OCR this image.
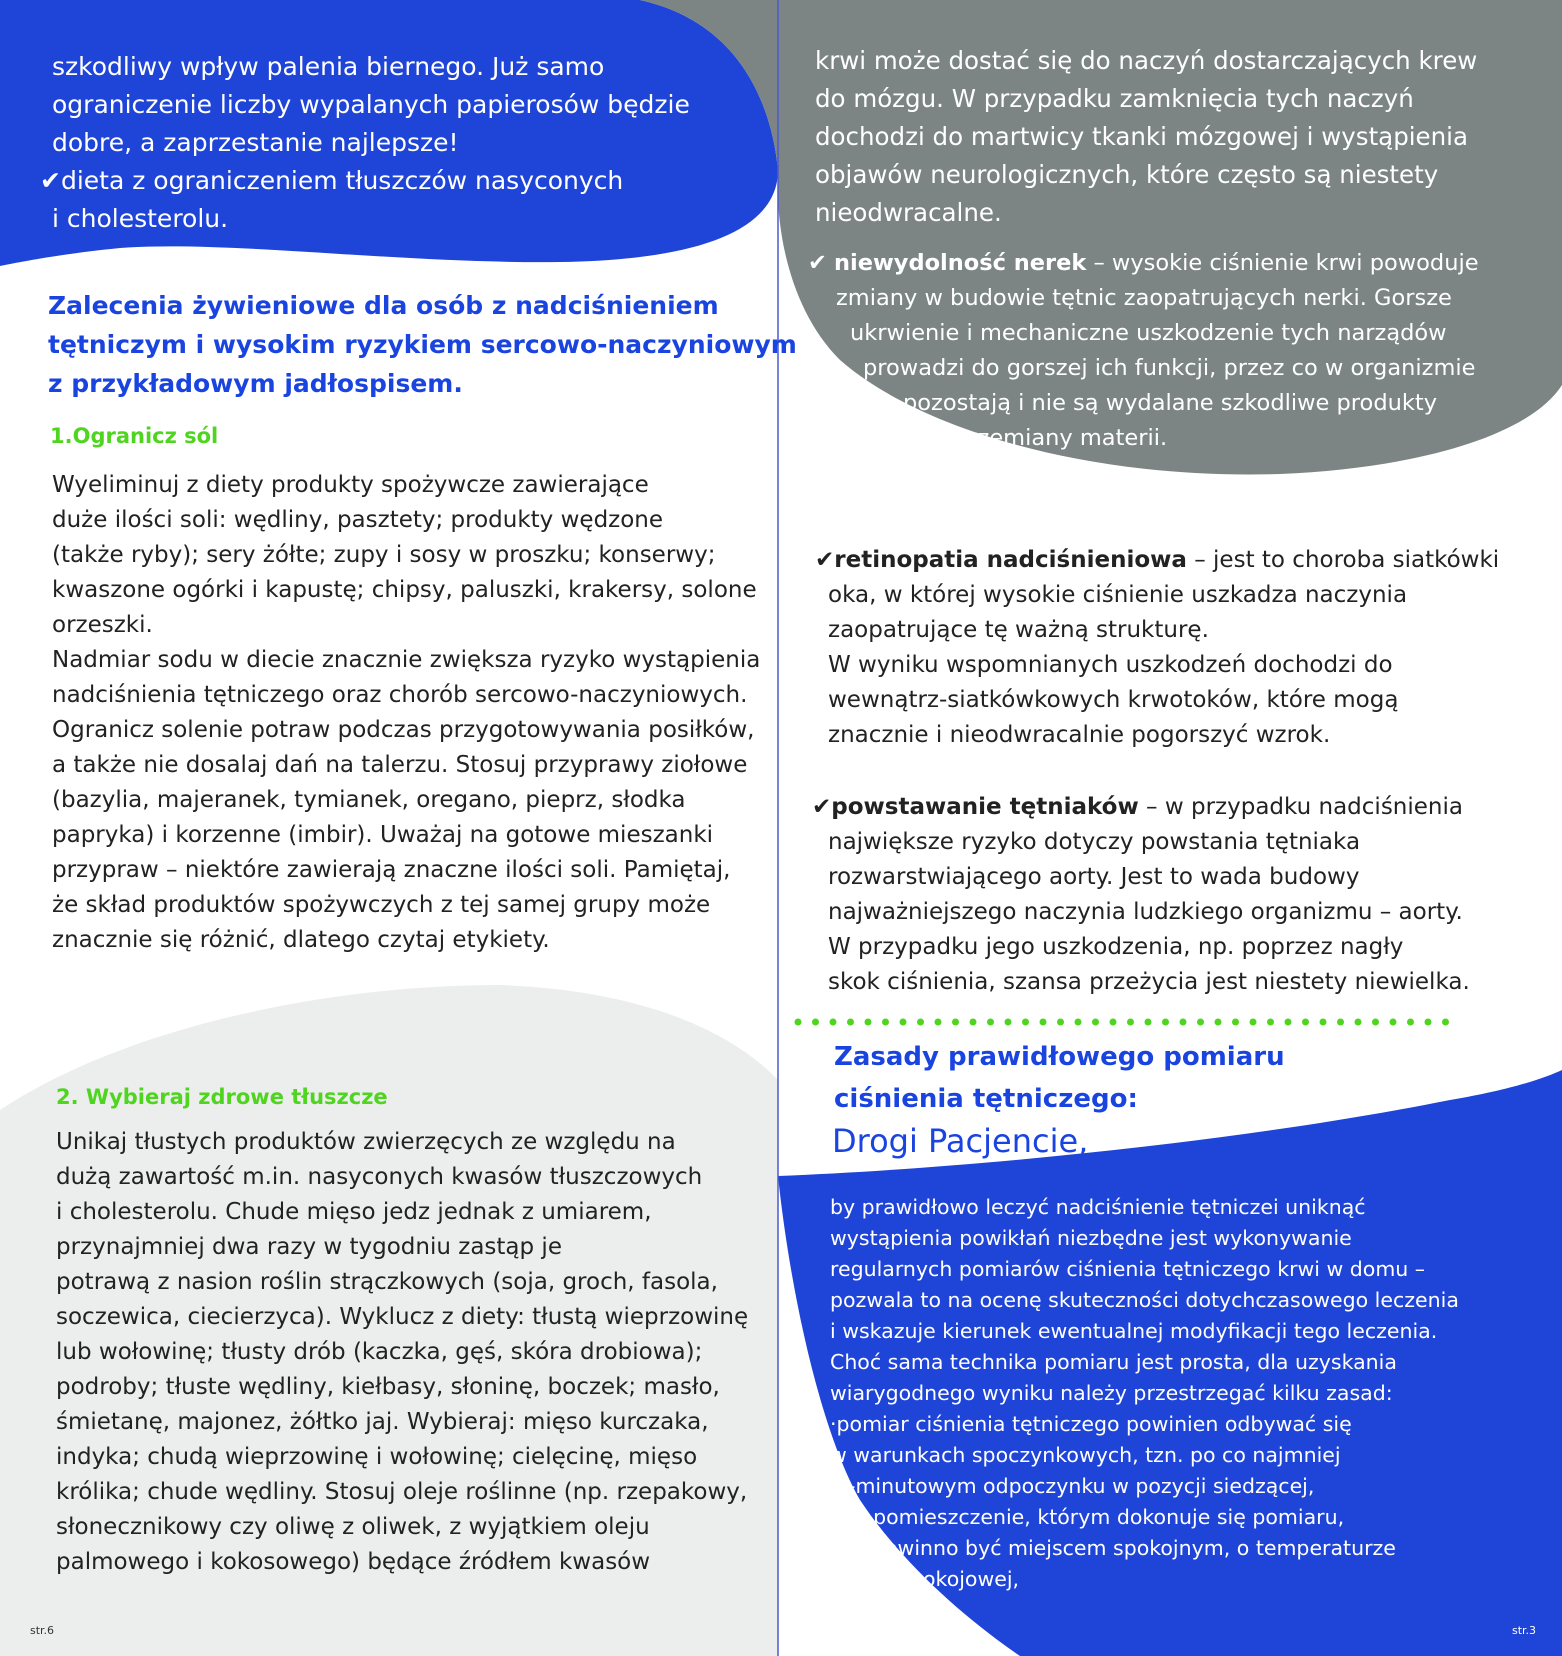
szkodliwy wpływ palenia biernego. Już samo
ograniczenie liczby wypalanych papierosów będzie
dobre, a zaprzestanie najlepsze!
✔dieta z ograniczeniem tłuszczów nasyconych
i cholesterolu.
Zalecenia żywieniowe dla osób z nadciśnieniem
tętniczym i wysokim ryzykiem sercowo-naczyniowym
z przykładowym jadłospisem.
1.Ogranicz sól
Wyeliminuj z diety produkty spożywcze zawierające
duże ilości soli: wędliny, pasztety; produkty wędzone
(także ryby); sery żółte; zupy i sosy w proszku; konserwy;
kwaszone ogórki i kapustę; chipsy, paluszki, krakersy, solone
orzeszki.
Nadmiar sodu w diecie znacznie zwiększa ryzyko wystąpienia
nadciśnienia tętniczego oraz chorób sercowo-naczyniowych.
Ogranicz solenie potraw podczas przygotowywania posiłków,
a także nie dosalaj dań na talerzu. Stosuj przyprawy ziołowe
(bazylia, majeranek, tymianek, oregano, pieprz, słodka
papryka) i korzenne (imbir). Uważaj na gotowe mieszanki
przypraw – niektóre zawierają znaczne ilości soli. Pamiętaj,
że skład produktów spożywczych z tej samej grupy może
znacznie się różnić, dlatego czytaj etykiety.
2. Wybieraj zdrowe tłuszcze
Unikaj tłustych produktów zwierzęcych ze względu na
dużą zawartość m.in. nasyconych kwasów tłuszczowych
i cholesterolu. Chude mięso jedz jednak z umiarem,
przynajmniej dwa razy w tygodniu zastąp je
potrawą z nasion roślin strączkowych (soja, groch, fasola,
soczewica, ciecierzyca). Wyklucz z diety: tłustą wieprzowinę
lub wołowinę; tłusty drób (kaczka, gęś, skóra drobiowa);
podroby; tłuste wędliny, kiełbasy, słoninę, boczek; masło,
śmietanę, majonez, żółtko jaj. Wybieraj: mięso kurczaka,
indyka; chudą wieprzowinę i wołowinę; cielęcinę, mięso
królika; chude wędliny. Stosuj oleje roślinne (np. rzepakowy,
słonecznikowy czy oliwę z oliwek, z wyjątkiem oleju
palmowego i kokosowego) będące źródłem kwasów
str.6
krwi może dostać się do naczyń dostarczających krew
do mózgu. W przypadku zamknięcia tych naczyń
dochodzi do martwicy tkanki mózgowej i wystąpienia
objawów neurologicznych, które często są niestety
nieodwracalne.
✔ niewydolność nerek – wysokie ciśnienie krwi powoduje
zmiany w budowie tętnic zaopatrujących nerki. Gorsze
ukrwienie i mechaniczne uszkodzenie tych narządów
prowadzi do gorszej ich funkcji, przez co w organizmie
pozostają i nie są wydalane szkodliwe produkty
przemiany materii.
✔retinopatia nadciśnieniowa – jest to choroba siatkówki
oka, w której wysokie ciśnienie uszkadza naczynia
zaopatrujące tę ważną strukturę.
W wyniku wspomnianych uszkodzeń dochodzi do
wewnątrz-siatkówkowych krwotoków, które mogą
znacznie i nieodwracalnie pogorszyć wzrok.
✔powstawanie tętniaków – w przypadku nadciśnienia
największe ryzyko dotyczy powstania tętniaka
rozwarstwiającego aorty. Jest to wada budowy
najważniejszego naczynia ludzkiego organizmu – aorty.
W przypadku jego uszkodzenia, np. poprzez nagły
skok ciśnienia, szansa przeżycia jest niestety niewielka.
Zasady prawidłowego pomiaru
ciśnienia tętniczego:
Drogi Pacjencie,
by prawidłowo leczyć nadciśnienie tętniczei uniknąć
wystąpienia powikłań niezbędne jest wykonywanie
regularnych pomiarów ciśnienia tętniczego krwi w domu –
pozwala to na ocenę skuteczności dotychczasowego leczenia
i wskazuje kierunek ewentualnej modyfikacji tego leczenia.
Choć sama technika pomiaru jest prosta, dla uzyskania
wiarygodnego wyniku należy przestrzegać kilku zasad:
·pomiar ciśnienia tętniczego powinien odbywać się
w warunkach spoczynkowych, tzn. po co najmniej
5-minutowym odpoczynku w pozycji siedzącej,
a pomieszczenie, którym dokonuje się pomiaru,
powinno być miejscem spokojnym, o temperaturze
pokojowej,
str.3
